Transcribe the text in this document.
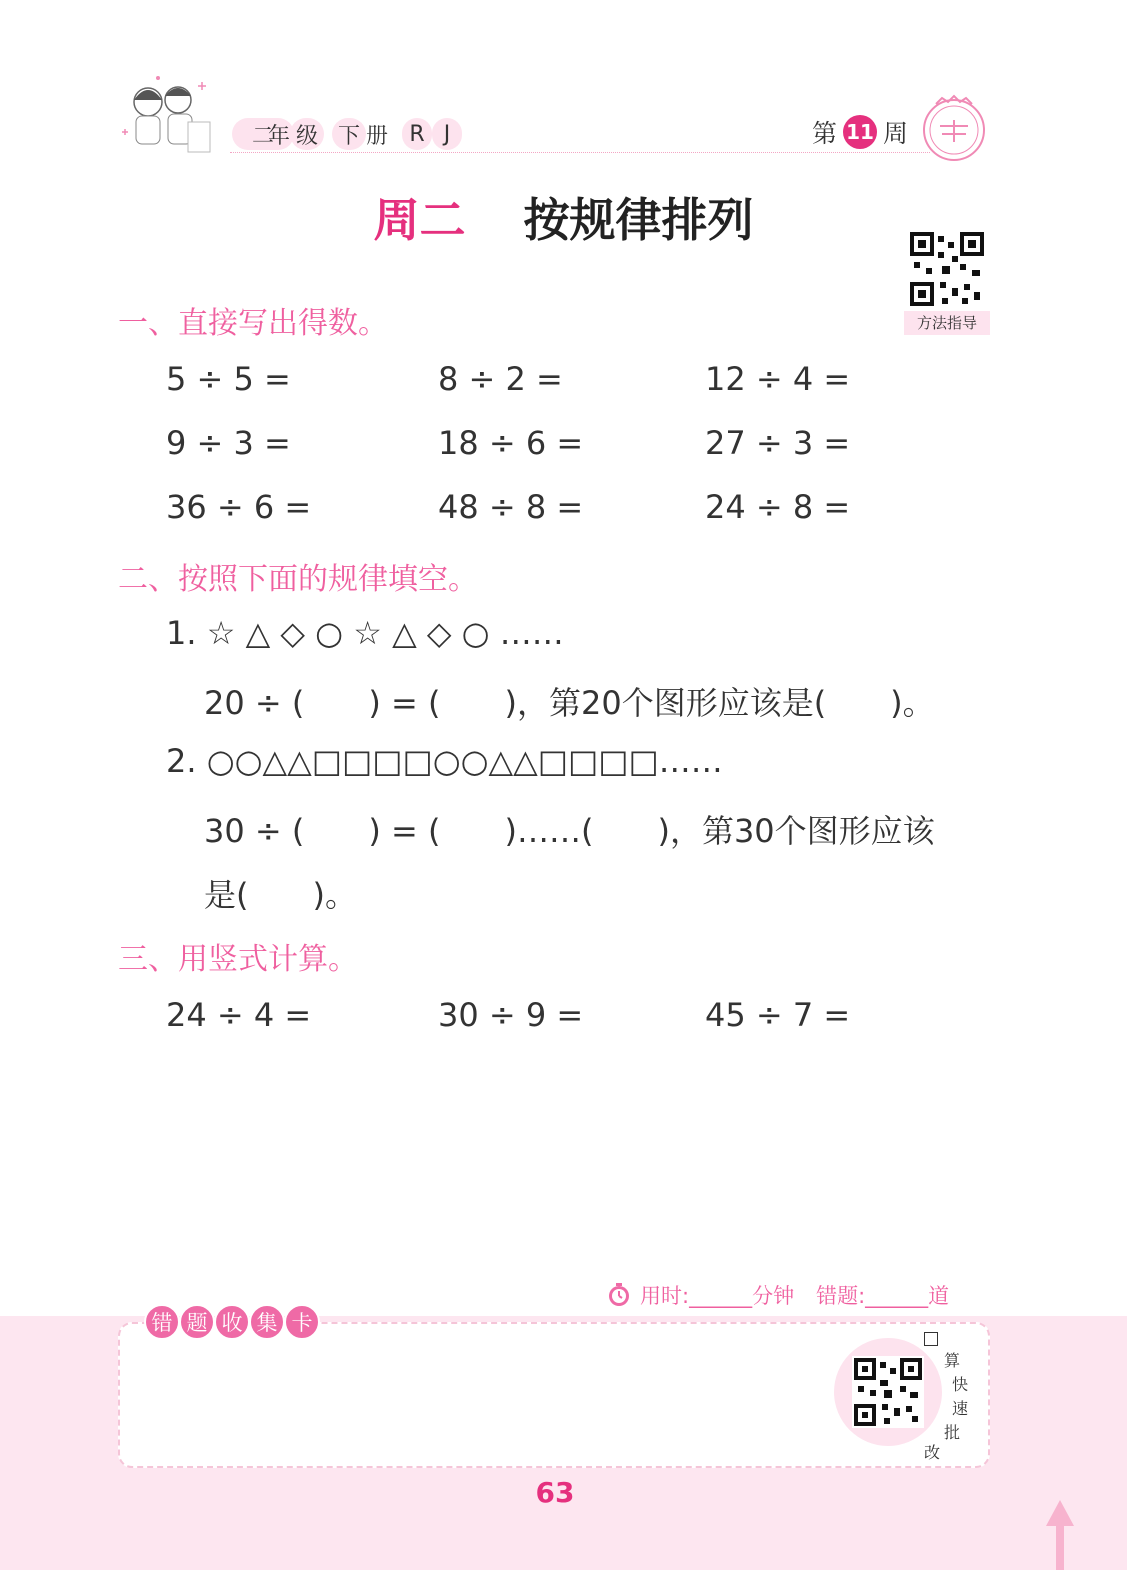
二
年 级 下 册 R J	第 11 周
周二 按规律排列
方法指导
一、直接写出得数。
5 ÷ 5 =	8 ÷ 2 =	12 ÷ 4 =
9 ÷ 3 =	18 ÷ 6 =	27 ÷ 3 =
36 ÷ 6 =	48 ÷ 8 =	24 ÷ 8 =
二、按照下面的规律填空。
1. ☆ △ ◇ ○ ☆ △ ◇ ○ ……
20 ÷ (　　) = (　　)，第20个图形应该是(　　)。
2. ○○△△□□□□○○△△□□□□……
30 ÷ (　　) = (　　)……(　　)，第30个图形应该
是(　　)。
三、用竖式计算。
24 ÷ 4 =	30 ÷ 9 =	45 ÷ 7 =
用时:______分钟 错题:______道
错 题 收 集 卡
算
快
速
批
改
63
